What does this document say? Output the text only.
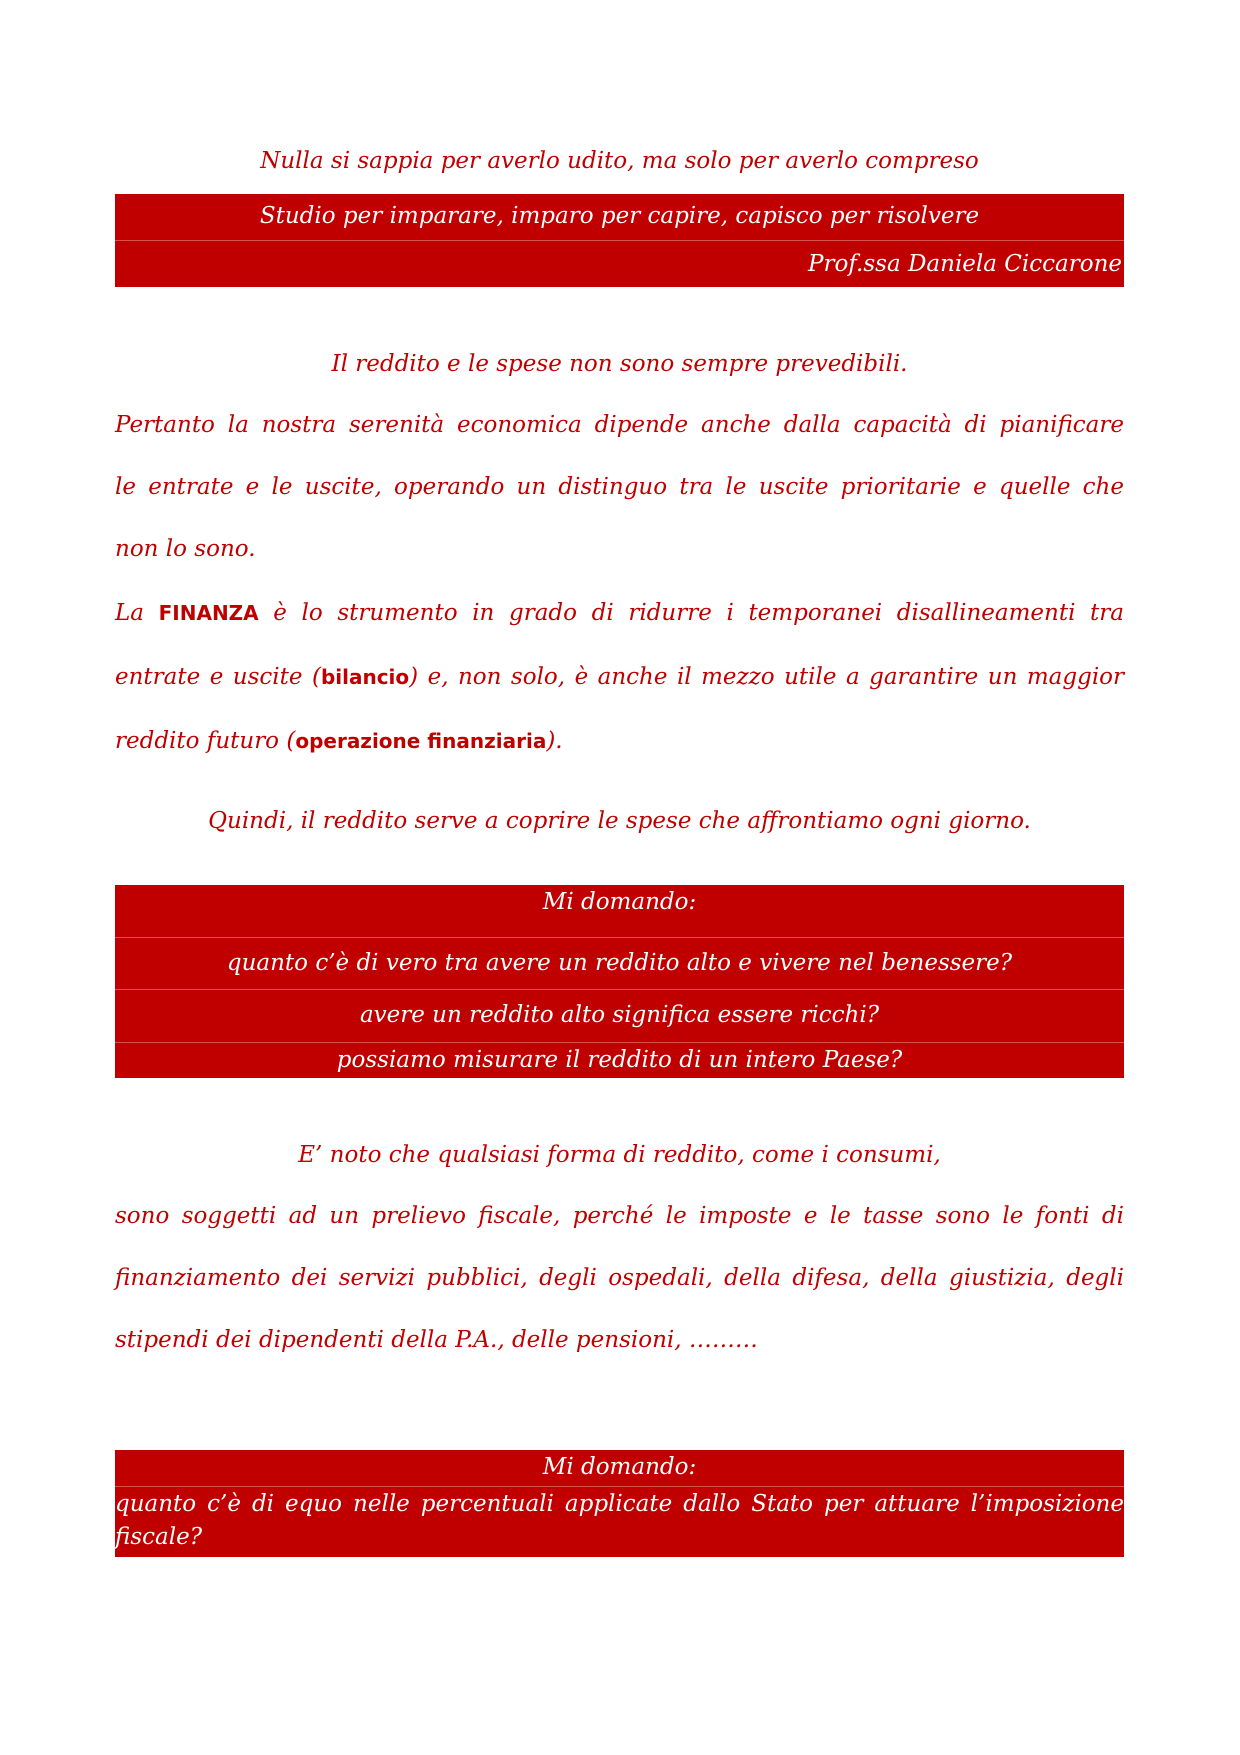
Nulla si sappia per averlo udito, ma solo per averlo compreso
Studio per imparare, imparo per capire, capisco per risolvere
Prof.ssa Daniela Ciccarone
Il reddito e le spese non sono sempre prevedibili.
Pertanto la nostra serenità economica dipende anche dalla capacità di pianificare
le entrate e le uscite, operando un distinguo tra le uscite prioritarie e quelle che
non lo sono.
La FINANZA è lo strumento in grado di ridurre i temporanei disallineamenti tra
entrate e uscite (bilancio) e, non solo, è anche il mezzo utile a garantire un maggior
reddito futuro (operazione finanziaria).
Quindi, il reddito serve a coprire le spese che affrontiamo ogni giorno.
Mi domando:
quanto c’è di vero tra avere un reddito alto e vivere nel benessere?
avere un reddito alto significa essere ricchi?
possiamo misurare il reddito di un intero Paese?
E’ noto che qualsiasi forma di reddito, come i consumi,
sono soggetti ad un prelievo fiscale, perché le imposte e le tasse sono le fonti di
finanziamento dei servizi pubblici, degli ospedali, della difesa, della giustizia, degli
stipendi dei dipendenti della P.A., delle pensioni, ………
Mi domando:
quanto c’è di equo nelle percentuali applicate dallo Stato per attuare l’imposizione
fiscale?
